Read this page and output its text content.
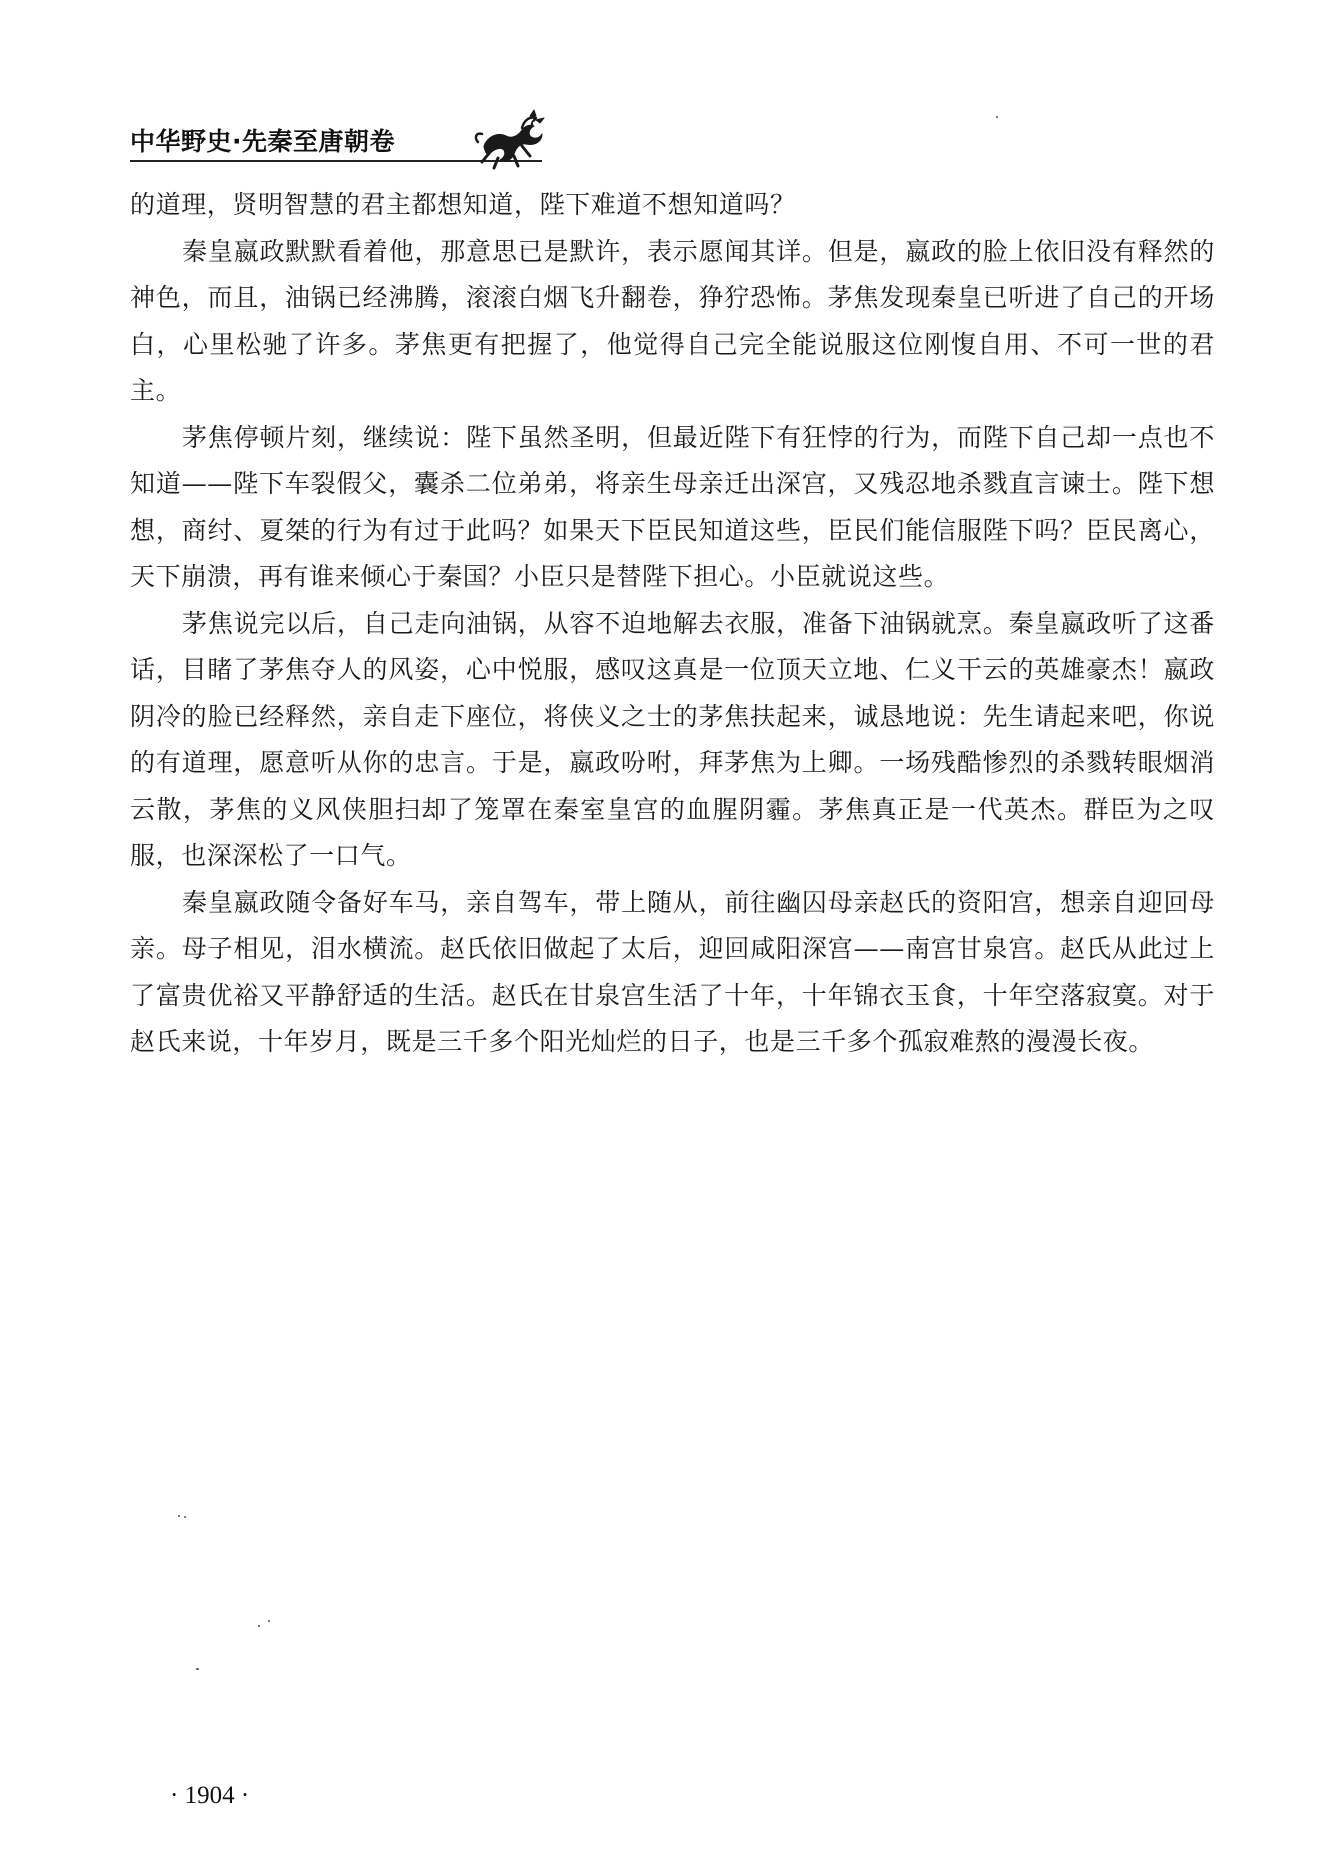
中华野史·先秦至唐朝卷

的道理，贤明智慧的君主都想知道，陛下难道不想知道吗？

秦皇嬴政默默看着他，那意思已是默许，表示愿闻其详。但是，嬴政的脸上依旧没有释然的神色，而且，油锅已经沸腾，滚滚白烟飞升翻卷，狰狞恐怖。茅焦发现秦皇已听进了自己的开场白，心里松驰了许多。茅焦更有把握了，他觉得自己完全能说服这位刚愎自用、不可一世的君主。

茅焦停顿片刻，继续说：陛下虽然圣明，但最近陛下有狂悖的行为，而陛下自己却一点也不知道——陛下车裂假父，囊杀二位弟弟，将亲生母亲迁出深宫，又残忍地杀戮直言谏士。陛下想想，商纣、夏桀的行为有过于此吗？如果天下臣民知道这些，臣民们能信服陛下吗？臣民离心，天下崩溃，再有谁来倾心于秦国？小臣只是替陛下担心。小臣就说这些。

茅焦说完以后，自己走向油锅，从容不迫地解去衣服，准备下油锅就烹。秦皇嬴政听了这番话，目睹了茅焦夺人的风姿，心中悦服，感叹这真是一位顶天立地、仁义干云的英雄豪杰！嬴政阴冷的脸已经释然，亲自走下座位，将侠义之士的茅焦扶起来，诚恳地说：先生请起来吧，你说的有道理，愿意听从你的忠言。于是，嬴政吩咐，拜茅焦为上卿。一场残酷惨烈的杀戮转眼烟消云散，茅焦的义风侠胆扫却了笼罩在秦室皇宫的血腥阴霾。茅焦真正是一代英杰。群臣为之叹服，也深深松了一口气。

秦皇嬴政随令备好车马，亲自驾车，带上随从，前往幽囚母亲赵氏的资阳宫，想亲自迎回母亲。母子相见，泪水横流。赵氏依旧做起了太后，迎回咸阳深宫——南宫甘泉宫。赵氏从此过上了富贵优裕又平静舒适的生活。赵氏在甘泉宫生活了十年，十年锦衣玉食，十年空落寂寞。对于赵氏来说，十年岁月，既是三千多个阳光灿烂的日子，也是三千多个孤寂难熬的漫漫长夜。

· 1904 ·
